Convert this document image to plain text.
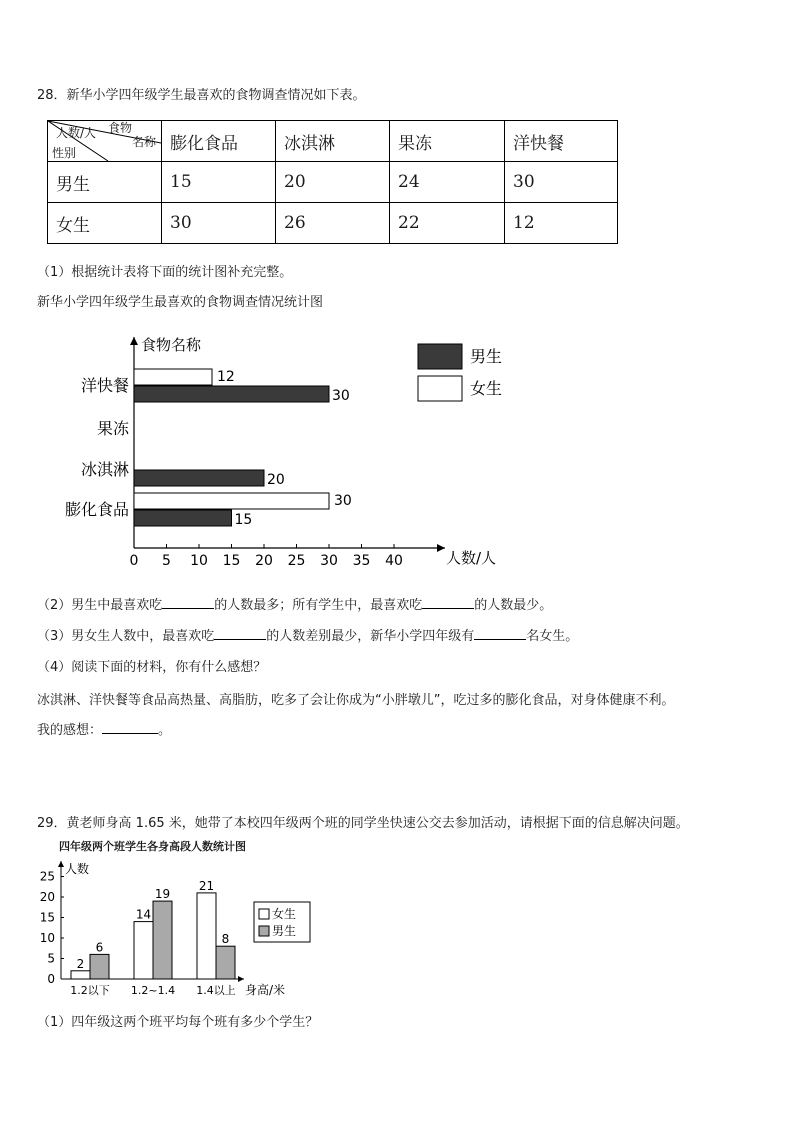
28．新华小学四年级学生最喜欢的食物调查情况如下表。
食物
人数/人
名称
性别	膨化食品	冰淇淋	果冻	洋快餐
男生	15	20	24	30
女生	30	26	22	12
（1）根据统计表将下面的统计图补充完整。
新华小学四年级学生最喜欢的食物调查情况统计图
食物名称
人数/人
0 5 10 15 20 25 30 35 40
膨化食品
冰淇淋
果冻
洋快餐
15
30
20
30
12
男生
女生
（2）男生中最喜欢吃	的人数最多；所有学生中，最喜欢吃	的人数最少。
（3）男女生人数中，最喜欢吃	的人数差别最少，新华小学四年级有	名女生。
（4）阅读下面的材料，你有什么感想？
冰淇淋、洋快餐等食品高热量、高脂肪，吃多了会让你成为“小胖墩儿”，吃过多的膨化食品，对身体健康不利。
我的感想：	。
29．黄老师身高 1.65 米，她带了本校四年级两个班的同学坐快速公交去参加活动，请根据下面的信息解决问题。
四年级两个班学生各身高段人数统计图
人数
身高/米
0
5
10
15
20
25
2
6
1.2以下
14
19
1.2~1.4
21
8
1.4以上
女生
男生
（1）四年级这两个班平均每个班有多少个学生？
